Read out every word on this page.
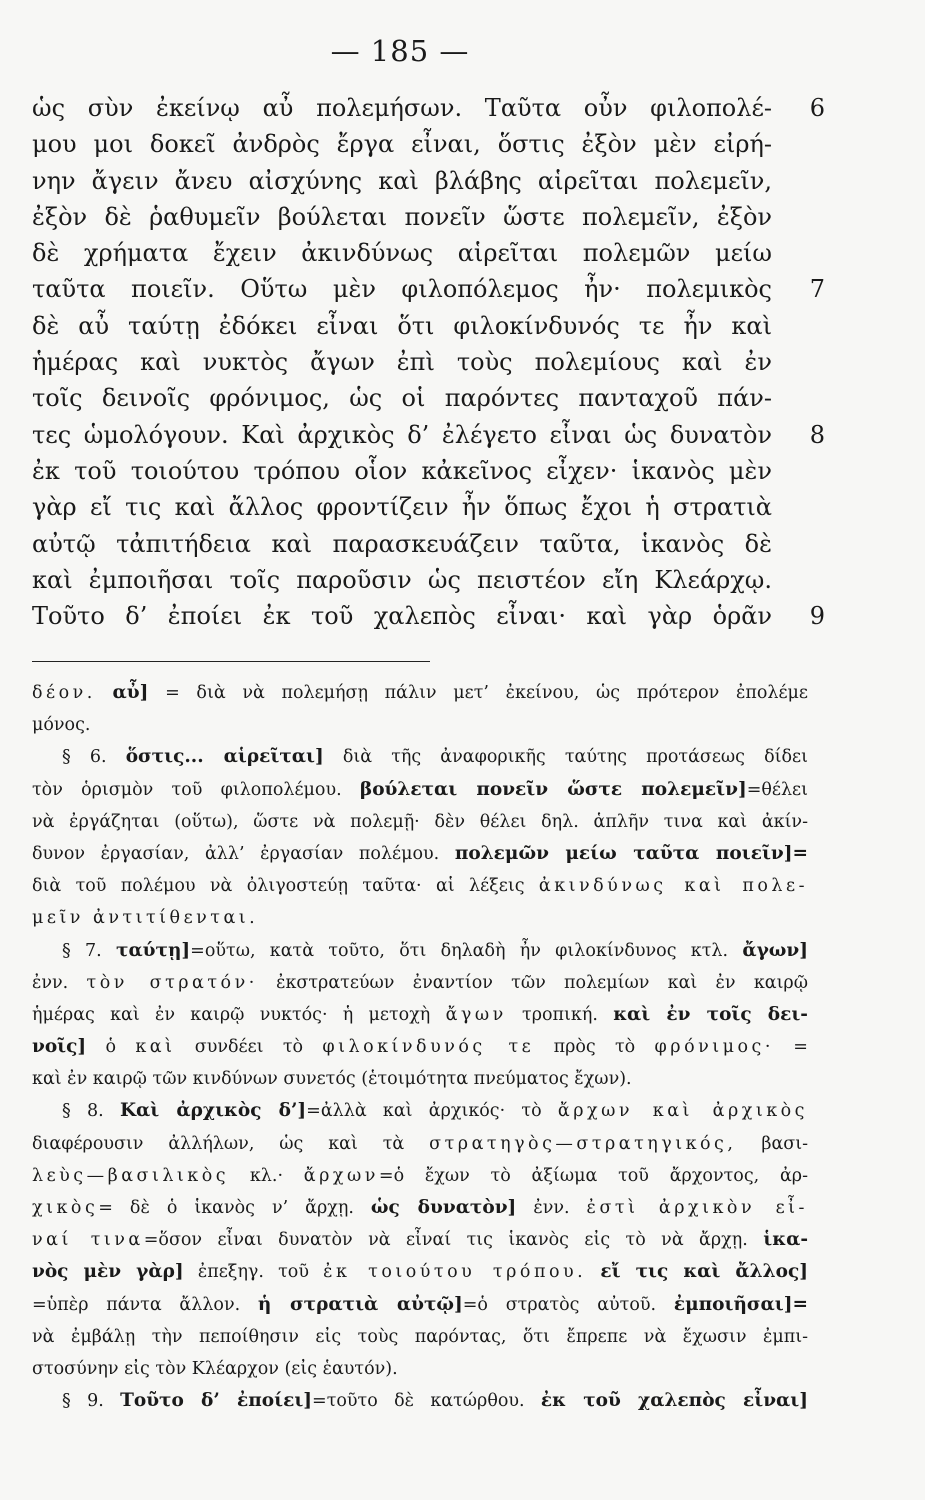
— 185 —
ὡς σὺν ἐκείνῳ αὖ πολεμήσων. Ταῦτα οὖν φιλοπολέ- 6
μου μοι δοκεῖ ἀνδρὸς ἔργα εἶναι, ὅστις ἐξὸν μὲν εἰρή-
νην ἄγειν ἄνευ αἰσχύνης καὶ βλάβης αἱρεῖται πολεμεῖν,
ἐξὸν δὲ ῥαθυμεῖν βούλεται πονεῖν ὥστε πολεμεῖν, ἐξὸν
δὲ χρήματα ἔχειν ἀκινδύνως αἱρεῖται πολεμῶν μείω
ταῦτα ποιεῖν. Οὕτω μὲν φιλοπόλεμος ἦν· πολεμικὸς 7
δὲ αὖ ταύτῃ ἐδόκει εἶναι ὅτι φιλοκίνδυνός τε ἦν καὶ
ἡμέρας καὶ νυκτὸς ἄγων ἐπὶ τοὺς πολεμίους καὶ ἐν
τοῖς δεινοῖς φρόνιμος, ὡς οἱ παρόντες πανταχοῦ πάν-
τες ὡμολόγουν. Καὶ ἀρχικὸς δ’ ἐλέγετο εἶναι ὡς δυνατὸν 8
ἐκ τοῦ τοιούτου τρόπου οἷον κἀκεῖνος εἶχεν· ἱκανὸς μὲν
γὰρ εἴ τις καὶ ἄλλος φροντίζειν ἦν ὅπως ἔχοι ἡ στρατιὰ
αὐτῷ τἀπιτήδεια καὶ παρασκευάζειν ταῦτα, ἱκανὸς δὲ
καὶ ἐμποιῆσαι τοῖς παροῦσιν ὡς πειστέον εἴη Κλεάρχῳ.
Τοῦτο δ’ ἐποίει ἐκ τοῦ χαλεπὸς εἶναι· καὶ γὰρ ὁρᾶν 9
δέον. αὖ] = διὰ νὰ πολεμήσῃ πάλιν μετ’ ἐκείνου, ὡς πρότερον ἐπολέμε
μόνος.
§ 6. ὅστις... αἱρεῖται] διὰ τῆς ἀναφορικῆς ταύτης προτάσεως δίδει
τὸν ὁρισμὸν τοῦ φιλοπολέμου. βούλεται πονεῖν ὥστε πολεμεῖν]=θέλει
νὰ ἐργάζηται (οὕτω), ὥστε νὰ πολεμῇ· δὲν θέλει δηλ. ἁπλῆν τινα καὶ ἀκίν-
δυνον ἐργασίαν, ἀλλ’ ἐργασίαν πολέμου. πολεμῶν μείω ταῦτα ποιεῖν]=
διὰ τοῦ πολέμου νὰ ὀλιγοστεύῃ ταῦτα· αἱ λέξεις ἀκινδύνως καὶ πολε-
μεῖν ἀντιτίθενται.
§ 7. ταύτῃ]=οὕτω, κατὰ τοῦτο, ὅτι δηλαδὴ ἦν φιλοκίνδυνος κτλ. ἄγων]
ἐνν. τὸν στρατόν· ἐκστρατεύων ἐναντίον τῶν πολεμίων καὶ ἐν καιρῷ
ἡμέρας καὶ ἐν καιρῷ νυκτός· ἡ μετοχὴ ἄγων τροπική. καὶ ἐν τοῖς δει-
νοῖς] ὁ καὶ συνδέει τὸ φιλοκίνδυνός τε πρὸς τὸ φρόνιμος· =
καὶ ἐν καιρῷ τῶν κινδύνων συνετός (ἑτοιμότητα πνεύματος ἔχων).
§ 8. Καὶ ἀρχικὸς δ’]=ἀλλὰ καὶ ἀρχικός· τὸ ἄρχων καὶ ἀρχικὸς
διαφέρουσιν ἀλλήλων, ὡς καὶ τὰ στρατηγὸς—στρατηγικός, βασι-
λεὺς—βασιλικὸς κλ.· ἄρχων=ὁ ἔχων τὸ ἀξίωμα τοῦ ἄρχοντος, ἀρ-
χικὸς= δὲ ὁ ἱκανὸς ν’ ἄρχῃ. ὡς δυνατὸν] ἐνν. ἐστὶ ἀρχικὸν εἶ-
ναί τινα=ὅσον εἶναι δυνατὸν νὰ εἶναί τις ἱκανὸς εἰς τὸ νὰ ἄρχῃ. ἱκα-
νὸς μὲν γὰρ] ἐπεξηγ. τοῦ ἐκ τοιούτου τρόπου. εἴ τις καὶ ἄλλος]
=ὑπὲρ πάντα ἄλλον. ἡ στρατιὰ αὐτῷ]=ὁ στρατὸς αὐτοῦ. ἐμποιῆσαι]=
νὰ ἐμβάλῃ τὴν πεποίθησιν εἰς τοὺς παρόντας, ὅτι ἔπρεπε νὰ ἔχωσιν ἐμπι-
στοσύνην εἰς τὸν Κλέαρχον (εἰς ἑαυτόν).
§ 9. Τοῦτο δ’ ἐποίει]=τοῦτο δὲ κατώρθου. ἐκ τοῦ χαλεπὸς εἶναι]
